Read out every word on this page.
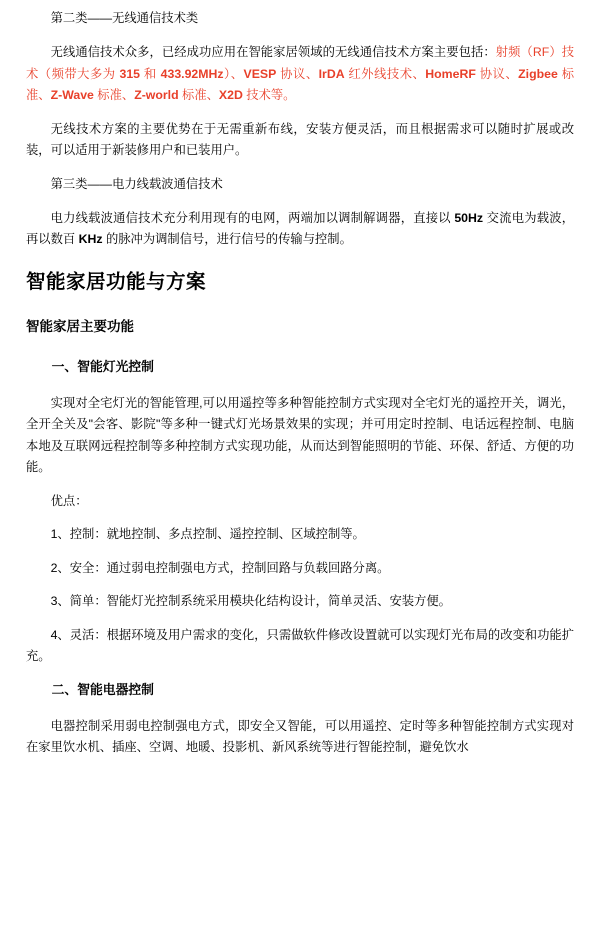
第二类——无线通信技术类

无线通信技术众多，已经成功应用在智能家居领域的无线通信技术方案主要包括：射频（RF）技术（频带大多为 315 和 433.92MHz）、VESP 协议、IrDA 红外线技术、HomeRF 协议、Zigbee 标准、Z-Wave 标准、Z-world 标准、X2D 技术等。

无线技术方案的主要优势在于无需重新布线，安装方便灵活，而且根据需求可以随时扩展或改装，可以适用于新装修用户和已装用户。

第三类——电力线载波通信技术

电力线载波通信技术充分利用现有的电网，两端加以调制解调器，直接以 50Hz 交流电为载波，再以数百 KHz 的脉冲为调制信号，进行信号的传输与控制。

智能家居功能与方案
智能家居主要功能
一、智能灯光控制

实现对全宅灯光的智能管理,可以用遥控等多种智能控制方式实现对全宅灯光的遥控开关，调光，全开全关及"会客、影院"等多种一键式灯光场景效果的实现；并可用定时控制、电话远程控制、电脑本地及互联网远程控制等多种控制方式实现功能，从而达到智能照明的节能、环保、舒适、方便的功能。

优点：

1、控制：就地控制、多点控制、遥控控制、区域控制等。

2、安全：通过弱电控制强电方式，控制回路与负载回路分离。

3、简单：智能灯光控制系统采用模块化结构设计，简单灵活、安装方便。

4、灵活：根据环境及用户需求的变化，只需做软件修改设置就可以实现灯光布局的改变和功能扩充。

二、智能电器控制

电器控制采用弱电控制强电方式，即安全又智能，可以用遥控、定时等多种智能控制方式实现对在家里饮水机、插座、空调、地暖、投影机、新风系统等进行智能控制，避免饮水
